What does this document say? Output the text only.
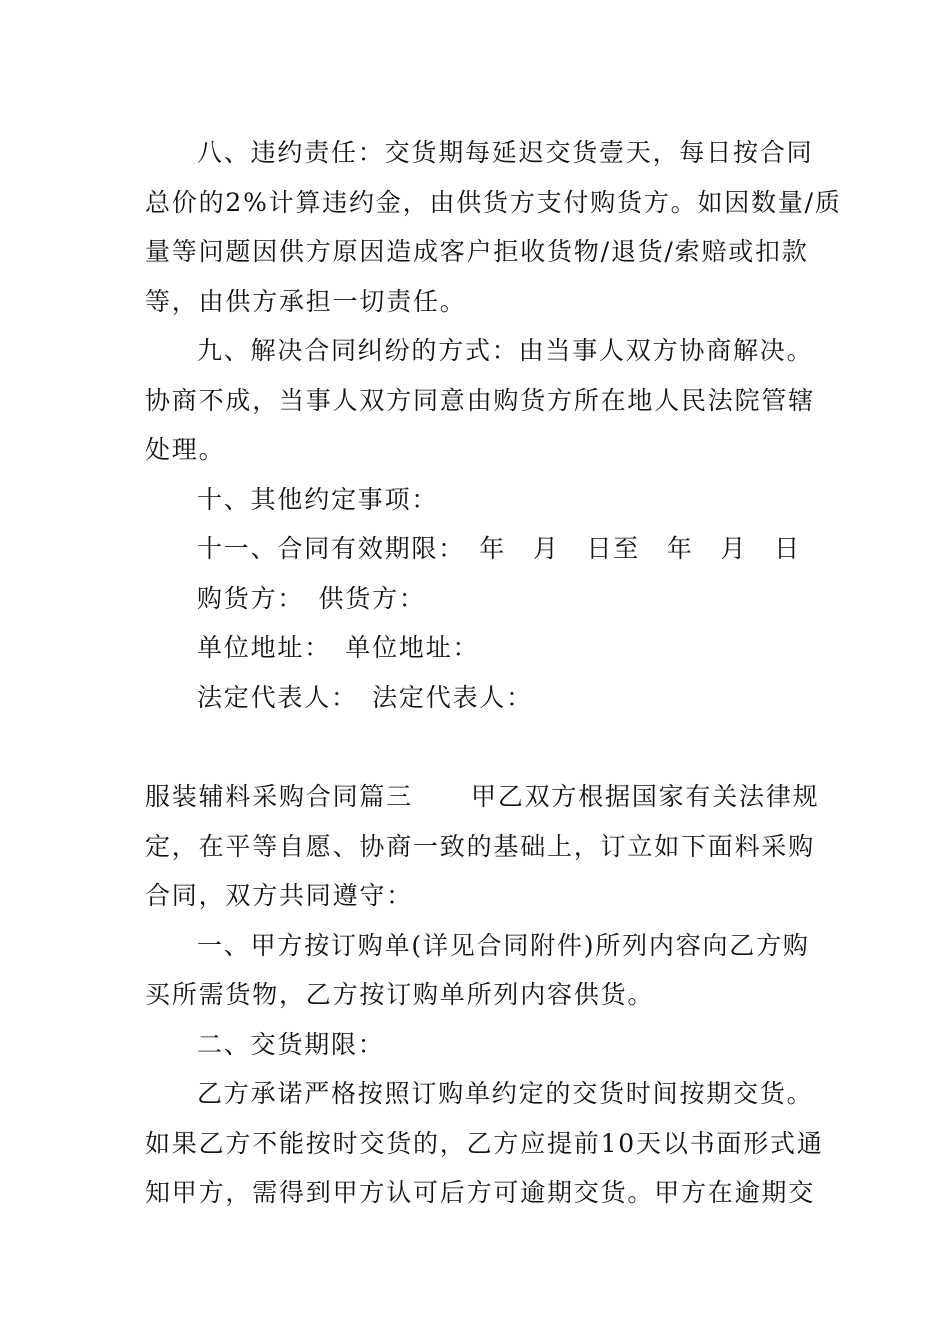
八、违约责任：交货期每延迟交货壹天，每日按合同
总价的2%计算违约金，由供货方支付购货方。如因数量/质
量等问题因供方原因造成客户拒收货物/退货/索赔或扣款
等，由供方承担一切责任。
九、解决合同纠纷的方式：由当事人双方协商解决。
协商不成，当事人双方同意由购货方所在地人民法院管辖
处理。
十、其他约定事项：
十一、合同有效期限：　年　月　日至　年　月　日
购货方：　供货方：
单位地址：　单位地址：
法定代表人：　法定代表人：
服装辅料采购合同篇三 甲乙双方根据国家有关法律规
定，在平等自愿、协商一致的基础上，订立如下面料采购
合同，双方共同遵守：
一、甲方按订购单(详见合同附件)所列内容向乙方购
买所需货物，乙方按订购单所列内容供货。
二、交货期限：
乙方承诺严格按照订购单约定的交货时间按期交货。
如果乙方不能按时交货的，乙方应提前10天以书面形式通
知甲方，需得到甲方认可后方可逾期交货。甲方在逾期交
